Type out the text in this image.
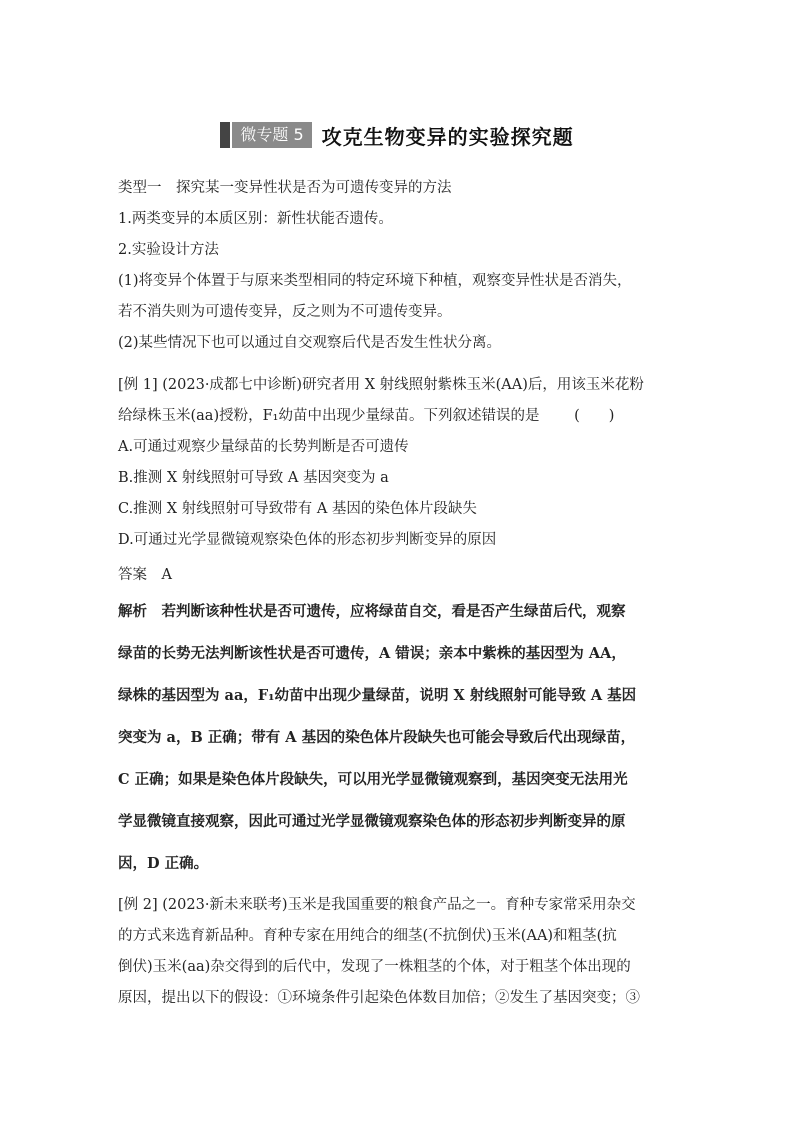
微专题 5 攻克生物变异的实验探究题
类型一　探究某一变异性状是否为可遗传变异的方法
1.两类变异的本质区别：新性状能否遗传。
2.实验设计方法
(1)将变异个体置于与原来类型相同的特定环境下种植，观察变异性状是否消失，
若不消失则为可遗传变异，反之则为不可遗传变异。
(2)某些情况下也可以通过自交观察后代是否发生性状分离。
[例 1] (2023·成都七中诊断)研究者用 X 射线照射紫株玉米(AA)后，用该玉米花粉
给绿株玉米(aa)授粉，F₁幼苗中出现少量绿苗。下列叙述错误的是 (　　)
A.可通过观察少量绿苗的长势判断是否可遗传
B.推测 X 射线照射可导致 A 基因突变为 a
C.推测 X 射线照射可导致带有 A 基因的染色体片段缺失
D.可通过光学显微镜观察染色体的形态初步判断变异的原因
答案　A
解析　若判断该种性状是否可遗传，应将绿苗自交，看是否产生绿苗后代，观察
绿苗的长势无法判断该性状是否可遗传，A 错误；亲本中紫株的基因型为 AA，
绿株的基因型为 aa，F₁幼苗中出现少量绿苗，说明 X 射线照射可能导致 A 基因
突变为 a，B 正确；带有 A 基因的染色体片段缺失也可能会导致后代出现绿苗，
C 正确；如果是染色体片段缺失，可以用光学显微镜观察到，基因突变无法用光
学显微镜直接观察，因此可通过光学显微镜观察染色体的形态初步判断变异的原
因，D 正确。
[例 2] (2023·新未来联考)玉米是我国重要的粮食产品之一。育种专家常采用杂交
的方式来选育新品种。育种专家在用纯合的细茎(不抗倒伏)玉米(AA)和粗茎(抗
倒伏)玉米(aa)杂交得到的后代中，发现了一株粗茎的个体，对于粗茎个体出现的
原因，提出以下的假设：①环境条件引起染色体数目加倍；②发生了基因突变；③
